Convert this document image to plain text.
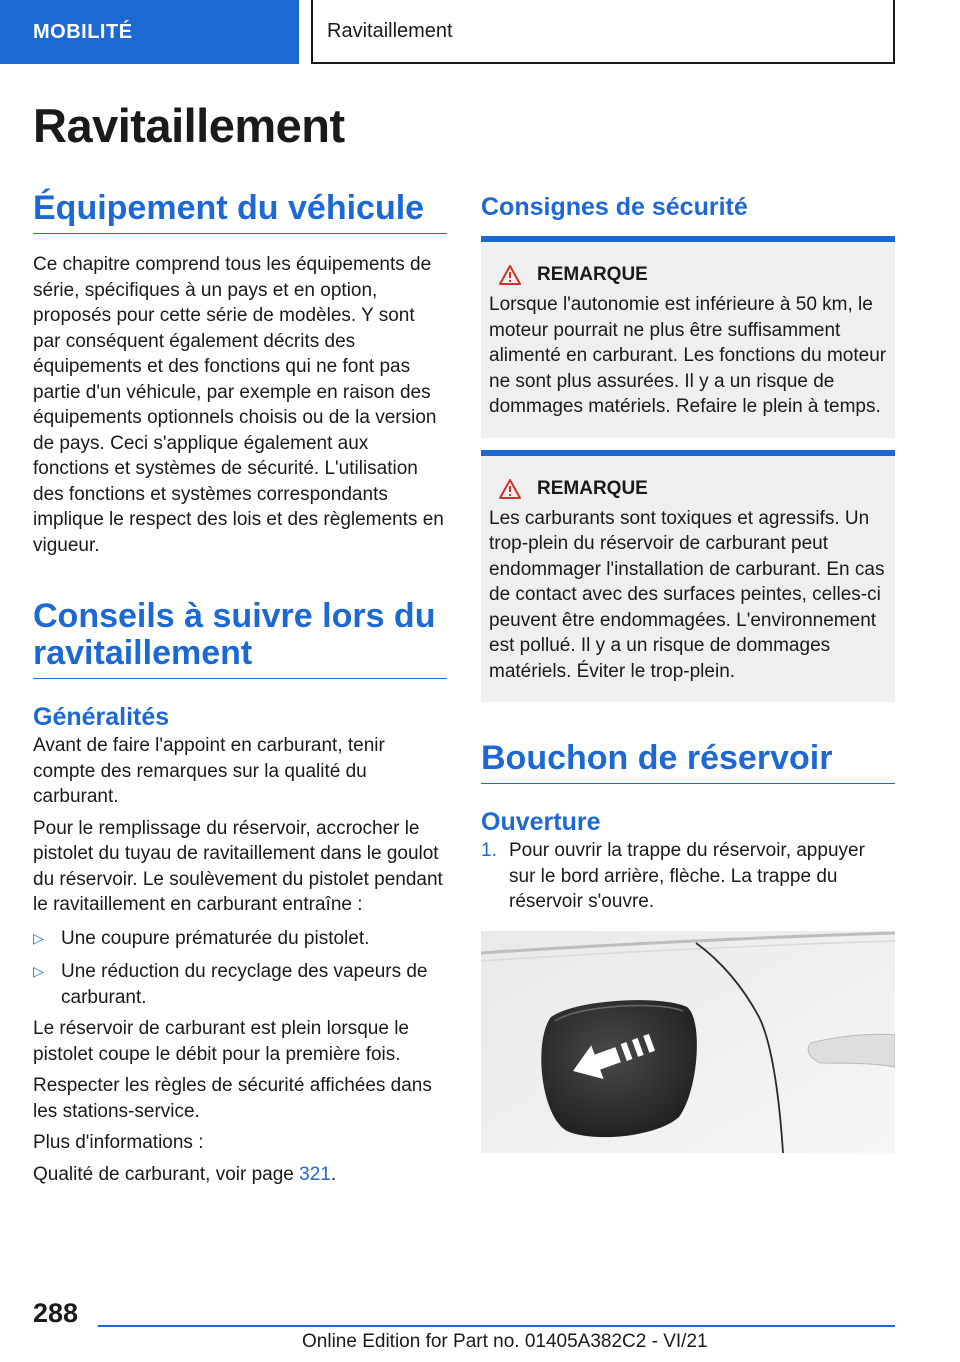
MOBILITÉ	Ravitaillement
Ravitaillement
Équipement du véhicule

Ce chapitre comprend tous les équipements de série, spécifiques à un pays et en option, proposés pour cette série de modèles. Y sont par conséquent également décrits des équipements et des fonctions qui ne font pas partie d'un véhicule, par exemple en raison des équipements optionnels choisis ou de la version de pays. Ceci s'applique également aux fonctions et systèmes de sécurité. L'utilisation des fonctions et systèmes correspondants implique le respect des lois et des règlements en vigueur.

Conseils à suivre lors du ravitaillement
Généralités

Avant de faire l'appoint en carburant, tenir compte des remarques sur la qualité du carburant.

Pour le remplissage du réservoir, accrocher le pistolet du tuyau de ravitaillement dans le goulot du réservoir. Le soulèvement du pistolet pendant le ravitaillement en carburant entraîne :

▷ Une coupure prématurée du pistolet.
▷ Une réduction du recyclage des vapeurs de carburant.

Le réservoir de carburant est plein lorsque le pistolet coupe le débit pour la première fois.

Respecter les règles de sécurité affichées dans les stations-service.

Plus d'informations :

Qualité de carburant, voir page 321.

Consignes de sécurité
REMARQUE

Lorsque l'autonomie est inférieure à 50 km, le moteur pourrait ne plus être suffisamment alimenté en carburant. Les fonctions du moteur ne sont plus assurées. Il y a un risque de dommages matériels. Refaire le plein à temps.

REMARQUE

Les carburants sont toxiques et agressifs. Un trop-plein du réservoir de carburant peut endommager l'installation de carburant. En cas de contact avec des surfaces peintes, celles-ci peuvent être endommagées. L'environnement est pollué. Il y a un risque de dommages matériels. Éviter le trop-plein.

Bouchon de réservoir
Ouverture
1. Pour ouvrir la trappe du réservoir, appuyer sur le bord arrière, flèche. La trappe du réservoir s'ouvre.
288
Online Edition for Part no. 01405A382C2 - VI/21
